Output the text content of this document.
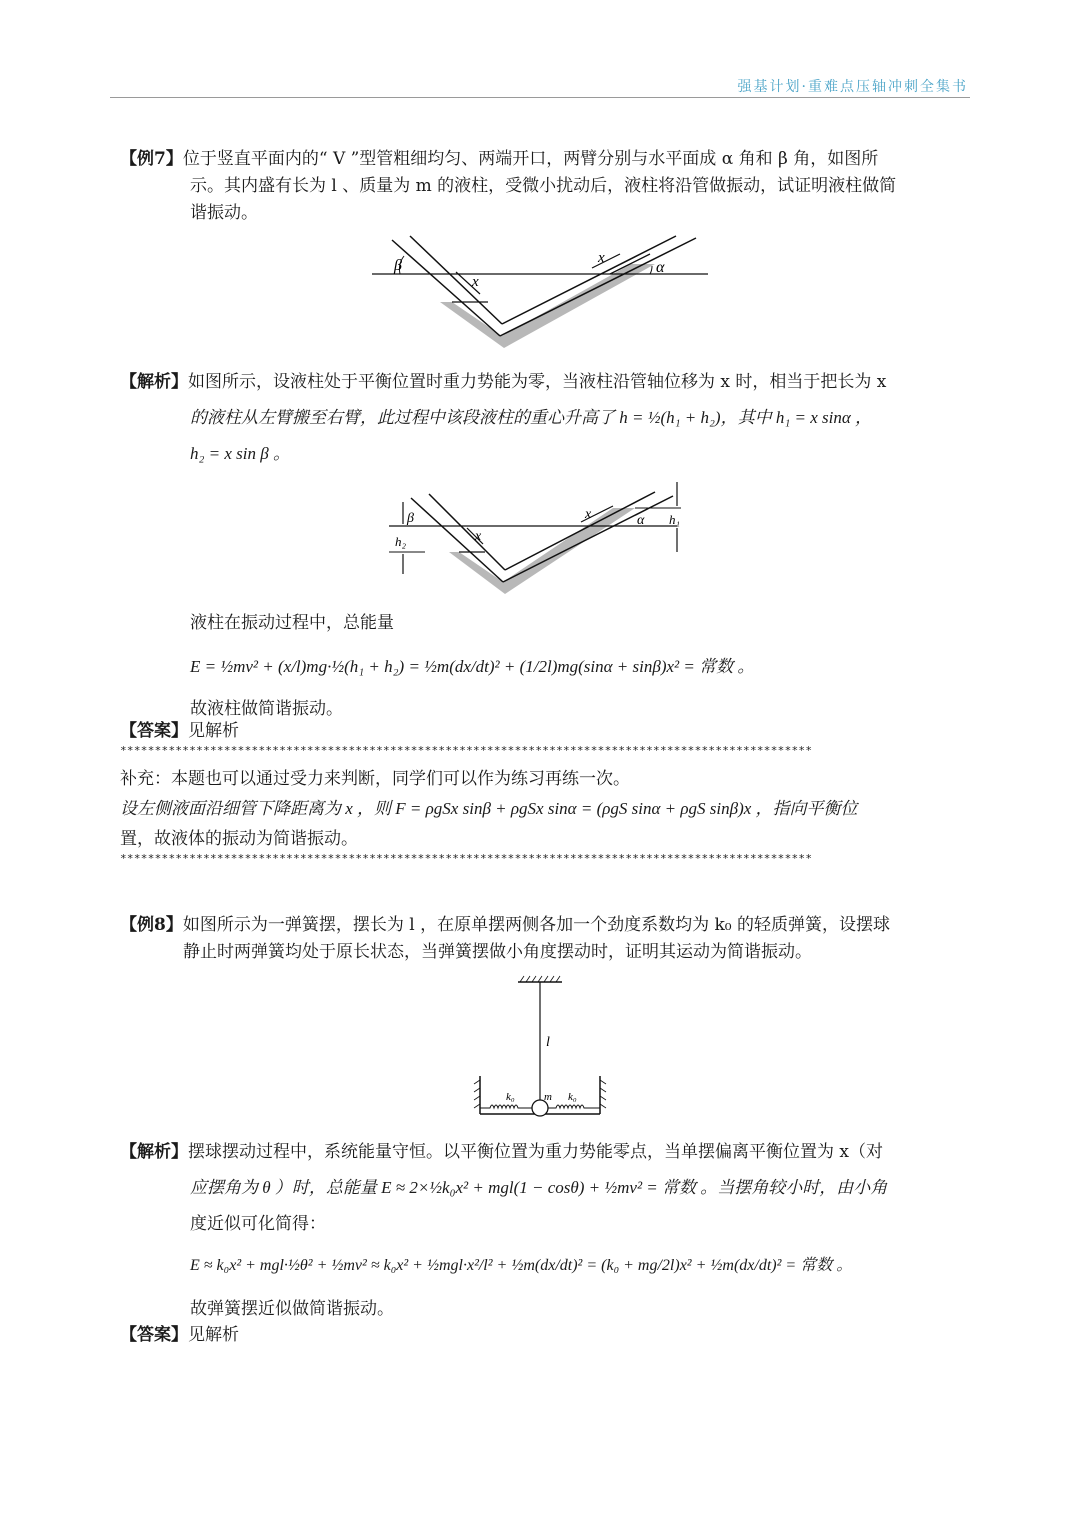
强基计划·重难点压轴冲刺全集书
【例7】位于竖直平面内的“ V ”型管粗细均匀、两端开口，两臂分别与水平面成 α 角和 β 角，如图所
示。其内盛有长为 l 、质量为 m 的液柱，受微小扰动后，液柱将沿管做振动，试证明液柱做简
谐振动。
β	α
x
x
【解析】如图所示，设液柱处于平衡位置时重力势能为零，当液柱沿管轴位移为 x 时，相当于把长为 x
的液柱从左臂搬至右臂，此过程中该段液柱的重心升高了 h = ½(h₁ + h₂)，其中 h₁ = x sinα ，
h₂ = x sin β 。
β	α
x
x	h₁
h₂
液柱在振动过程中，总能量
E = ½mv² + (x/l)mg·½(h₁ + h₂) = ½m(dx/dt)² + (1/2l)mg(sinα + sinβ)x² = 常数 。
故液柱做简谐振动。
【答案】见解析
****************************************************************************************************
补充：本题也可以通过受力来判断，同学们可以作为练习再练一次。
设左侧液面沿细管下降距离为 x ，则 F = ρgSx sinβ + ρgSx sinα = (ρgS sinα + ρgS sinβ)x ，指向平衡位
置，故液体的振动为简谐振动。
****************************************************************************************************
【例8】如图所示为一弹簧摆，摆长为 l ，在原单摆两侧各加一个劲度系数均为 k₀ 的轻质弹簧，设摆球
静止时两弹簧均处于原长状态，当弹簧摆做小角度摆动时，证明其运动为简谐振动。
l
k₀	m k₀
【解析】摆球摆动过程中，系统能量守恒。以平衡位置为重力势能零点，当单摆偏离平衡位置为 x（对
应摆角为 θ ）时，总能量 E ≈ 2×½k₀x² + mgl(1 − cosθ) + ½mv² = 常数 。当摆角较小时，由小角
度近似可化简得：
E ≈ k₀x² + mgl·½θ² + ½mv² ≈ k₀x² + ½mgl·x²/l² + ½m(dx/dt)² = (k₀ + mg/2l)x² + ½m(dx/dt)² = 常数 。
故弹簧摆近似做简谐振动。
【答案】见解析
